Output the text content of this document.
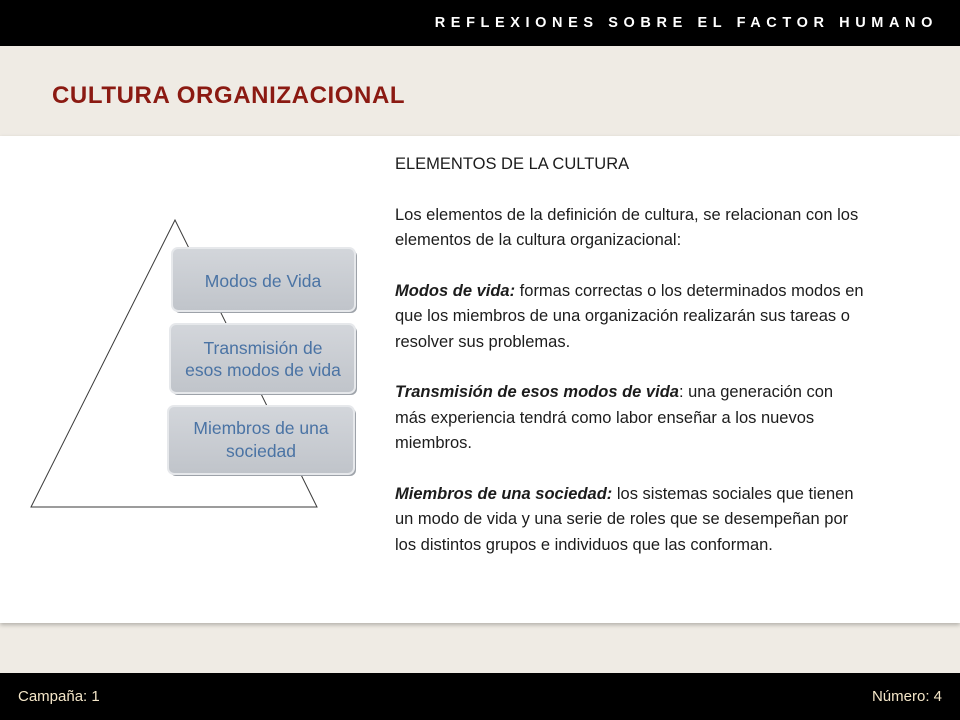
REFLEXIONES SOBRE EL FACTOR HUMANO
CULTURA ORGANIZACIONAL
Modos de Vida
Transmisión de
esos modos de vida
Miembros de una
sociedad

ELEMENTOS DE LA CULTURA

Los elementos de la definición de cultura, se relacionan con los elementos de la cultura organizacional:

Modos de vida: formas correctas o los determinados modos en que los miembros de una organización realizarán sus tareas o resolver sus problemas.

Transmisión de esos modos de vida: una generación con más experiencia tendrá como labor enseñar a los nuevos miembros.

Miembros de una sociedad: los sistemas sociales que tienen un modo de vida y una serie de roles que se desempeñan por los distintos grupos e individuos que las conforman.

Campaña: 1	Número: 4
